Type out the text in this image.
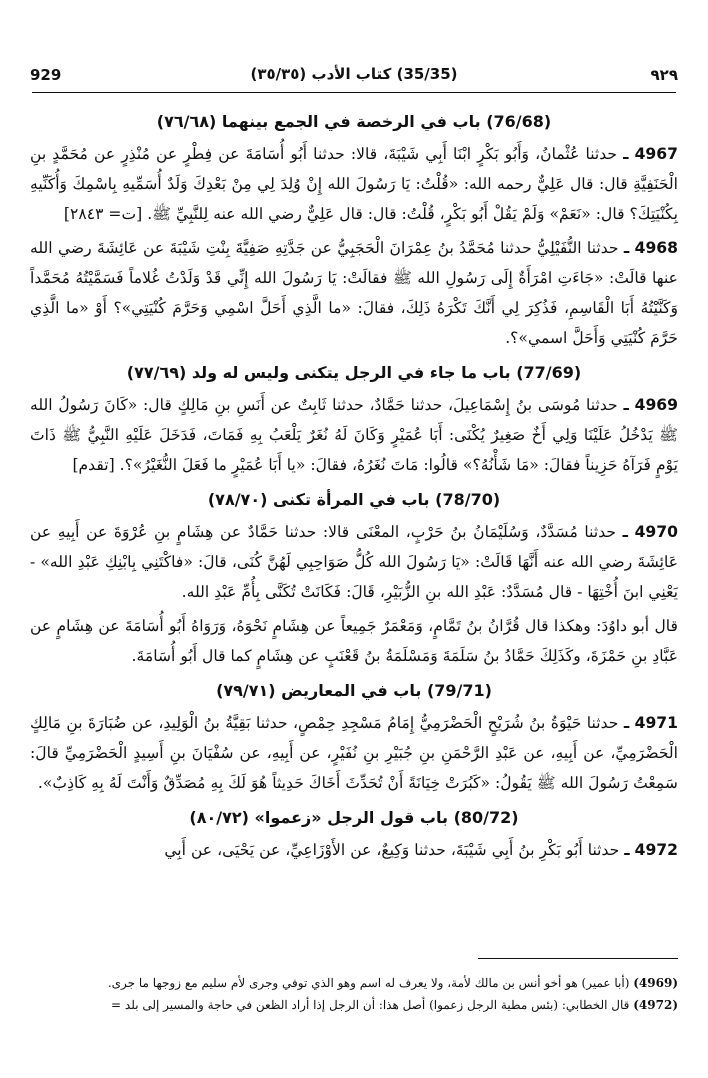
929	(35/35) كتاب الأدب (٣٥/٣٥)	٩٢٩
(76/68) باب في الرخصة في الجمع بينهما (٧٦/٦٨)

4967 ـ حدثنا عُثْمانُ، وَأَبُو بَكْرٍ ابْنَا أَبِي شَيْبَةَ، قالا: حدثنا أَبُو أُسَامَةَ عن فِطْرٍ عن مُنْذِرٍ عن مُحَمَّدٍ بنِ الْحَنَفِيَّةِ قال: قال عَلِيٌّ رحمه الله: «قُلْتُ: يَا رَسُولَ الله إِنْ وُلِدَ لِي مِنْ بَعْدِكَ وَلَدٌ أُسَمِّيهِ بِاسْمِكَ وَأُكَنِّيهِ بِكُنْيَتِكَ؟ قال: «نَعَمْ» وَلَمْ يَقُلْ أَبُو بَكْرٍ، قُلْتُ: قال: قال عَلِيٌّ رضي الله عنه لِلنَّبِيِّ ﷺ. [ت= ٢٨٤٣]

4968 ـ حدثنا النُّفَيْلِيُّ حدثنا مُحَمَّدُ بنُ عِمْرَانَ الْحَجَبِيُّ عن جَدَّتِهِ صَفِيَّةَ بِنْتِ شَيْبَةَ عن عَائِشَةَ رضي الله عنها قالَتْ: «جَاءَتِ امْرَأَةٌ إِلَى رَسُولِ الله ﷺ فقالَتْ: يَا رَسُولَ الله إِنِّي قَدْ وَلَدْتُ غُلاماً فَسَمَّيْتُهُ مُحَمَّداً وَكَنَّيْتُهُ أَبَا الْقَاسِمِ، فَذُكِرَ لِي أَنَّكَ تَكْرَهُ ذَلِكَ، فقالَ: «ما الَّذِي أَحَلَّ اسْمِي وَحَرَّمَ كُنْيَتِي»؟ أَوْ «ما الَّذِي حَرَّمَ كُنْيَتِي وَأَحَلَّ اسمي»؟.

(77/69) باب ما جاء في الرجل يتكنى وليس له ولد (٧٧/٦٩)

4969 ـ حدثنا مُوسَى بنُ إِسْمَاعِيلَ، حدثنا حَمَّادٌ، حدثنا ثَابِتٌ عن أَنَسِ بنِ مَالِكٍ قال: «كَانَ رَسُولُ الله ﷺ يَدْخُلُ عَلَيْنَا وَلِي أَخٌ صَغِيرٌ يُكْنَى: أَبَا عُمَيْرٍ وَكَانَ لَهُ نُغَرٌ يَلْعَبُ بِهِ فَمَاتَ، فَدَخَلَ عَلَيْهِ النَّبِيُّ ﷺ ذَاتَ يَوْمٍ فَرَآهُ حَزِيناً فقالَ: «مَا شَأْنُهُ؟» قالُوا: مَاتَ نُغَرُهُ، فقالَ: «يا أَبَا عُمَيْرٍ ما فَعَلَ النُّغَيْرُ»؟. [تقدم]

(78/70) باب في المرأة تكنى (٧٨/٧٠)

4970 ـ حدثنا مُسَدَّدٌ، وَسُلَيْمَانُ بنُ حَرْبٍ، المعْنَى قالا: حدثنا حَمَّادٌ عن هِشَامٍ بنِ عُرْوَةَ عن أَبِيهِ عن عَائِشَةَ رضي الله عنه أَنَّهَا قَالَتْ: «يَا رَسُولَ الله كُلُّ صَوَاحِبِي لَهُنَّ كُنَى، قالَ: «فاكْتَنِي بِابْنِكِ عَبْدِ الله» - يَعْنِي ابنَ أُخْتِهَا - قال مُسَدَّدٌ: عَبْدِ الله بنِ الزُّبَيْرِ، قَالَ: فَكَانَتْ تُكَنَّى بِأُمِّ عَبْدِ الله.

قال أبو داوُدَ: وهكذا قال قُرَّانُ بنُ تَمَّامٍ، وَمَعْمَرٌ جَمِيعاً عن هِشَامٍ نَحْوَهُ، وَرَوَاهُ أَبُو أُسَامَةَ عن هِشَامٍ عن عَبَّادِ بنِ حَمْزَةَ، وكَذَلِكَ حَمَّادُ بنُ سَلَمَةَ وَمَسْلَمَةُ بنُ قَعْنَبٍ عن هِشَامٍ كما قال أَبُو أُسَامَةَ.

(79/71) باب في المعاريض (٧٩/٧١)

4971 ـ حدثنا حَيْوَةُ بنُ شُرَيْحٍ الْحَضْرَمِيُّ إِمَامُ مَسْجِدِ حِمْصٍ، حدثنا بَقِيَّةُ بنُ الْوَلِيدِ، عن ضُبَارَةَ بنِ مَالِكٍ الْحَضْرَمِيِّ، عن أَبِيهِ، عن عَبْدِ الرَّحْمَنِ بنِ جُبَيْرِ بنِ نُفَيْرٍ، عن أَبِيهِ، عن سُفْيَانَ بنِ أَسِيدٍ الْحَضْرَمِيِّ قالَ: سَمِعْتُ رَسُولَ الله ﷺ يَقُولُ: «كَبُرَتْ خِيَانَةً أَنْ تُحَدِّثَ أَخَاكَ حَدِيثاً هُوَ لَكَ بِهِ مُصَدِّقٌ وَأَنْتَ لَهُ بِهِ كَاذِبٌ».

(80/72) باب قول الرجل «زعموا» (٨٠/٧٢)

4972 ـ حدثنا أَبُو بَكْرِ بنُ أَبِي شَيْبَةَ، حدثنا وَكِيعٌ، عن الأَوْزَاعِيِّ، عن يَحْيَى، عن أَبِي

(4969) (أبا عمير) هو أخو أنس بن مالك لأمة، ولا يعرف له اسم وهو الذي توفي وجرى لأم سليم مع زوجها ما جرى.

(4972) قال الخطابي: (بئس مطية الرجل زعموا) أصل هذا: أن الرجل إذا أراد الظعن في حاجة والمسير إلى بلد =
